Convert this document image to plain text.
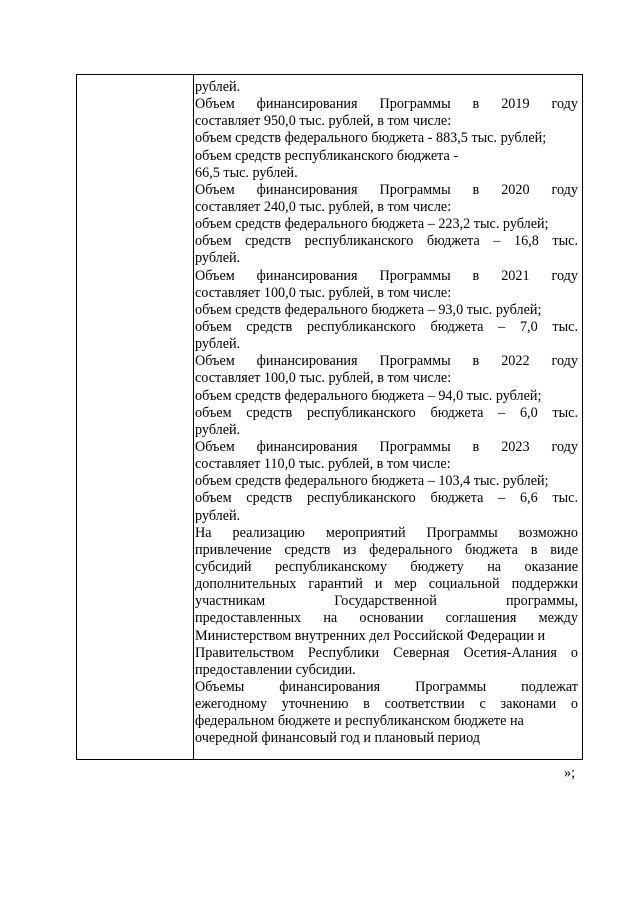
рублей.
Объем финансирования Программы в 2019 году
составляет 950,0 тыс. рублей, в том числе:
объем средств федерального бюджета - 883,5 тыс. рублей;
объем средств республиканского бюджета -
66,5 тыс. рублей.
Объем финансирования Программы в 2020 году
составляет 240,0 тыс. рублей, в том числе:
объем средств федерального бюджета – 223,2 тыс. рублей;
объем средств республиканского бюджета – 16,8 тыс.
рублей.
Объем финансирования Программы в 2021 году
составляет 100,0 тыс. рублей, в том числе:
объем средств федерального бюджета – 93,0 тыс. рублей;
объем средств республиканского бюджета – 7,0 тыс.
рублей.
Объем финансирования Программы в 2022 году
составляет 100,0 тыс. рублей, в том числе:
объем средств федерального бюджета – 94,0 тыс. рублей;
объем средств республиканского бюджета – 6,0 тыс.
рублей.
Объем финансирования Программы в 2023 году
составляет 110,0 тыс. рублей, в том числе:
объем средств федерального бюджета – 103,4 тыс. рублей;
объем средств республиканского бюджета – 6,6 тыс.
рублей.
На реализацию мероприятий Программы возможно
привлечение средств из федерального бюджета в виде
субсидий республиканскому бюджету на оказание
дополнительных гарантий и мер социальной поддержки
участникам Государственной программы,
предоставленных на основании соглашения между
Министерством внутренних дел Российской Федерации и
Правительством Республики Северная Осетия-Алания о
предоставлении субсидии.
Объемы финансирования Программы подлежат
ежегодному уточнению в соответствии с законами о
федеральном бюджете и республиканском бюджете на
очередной финансовый год и плановый период
»;
